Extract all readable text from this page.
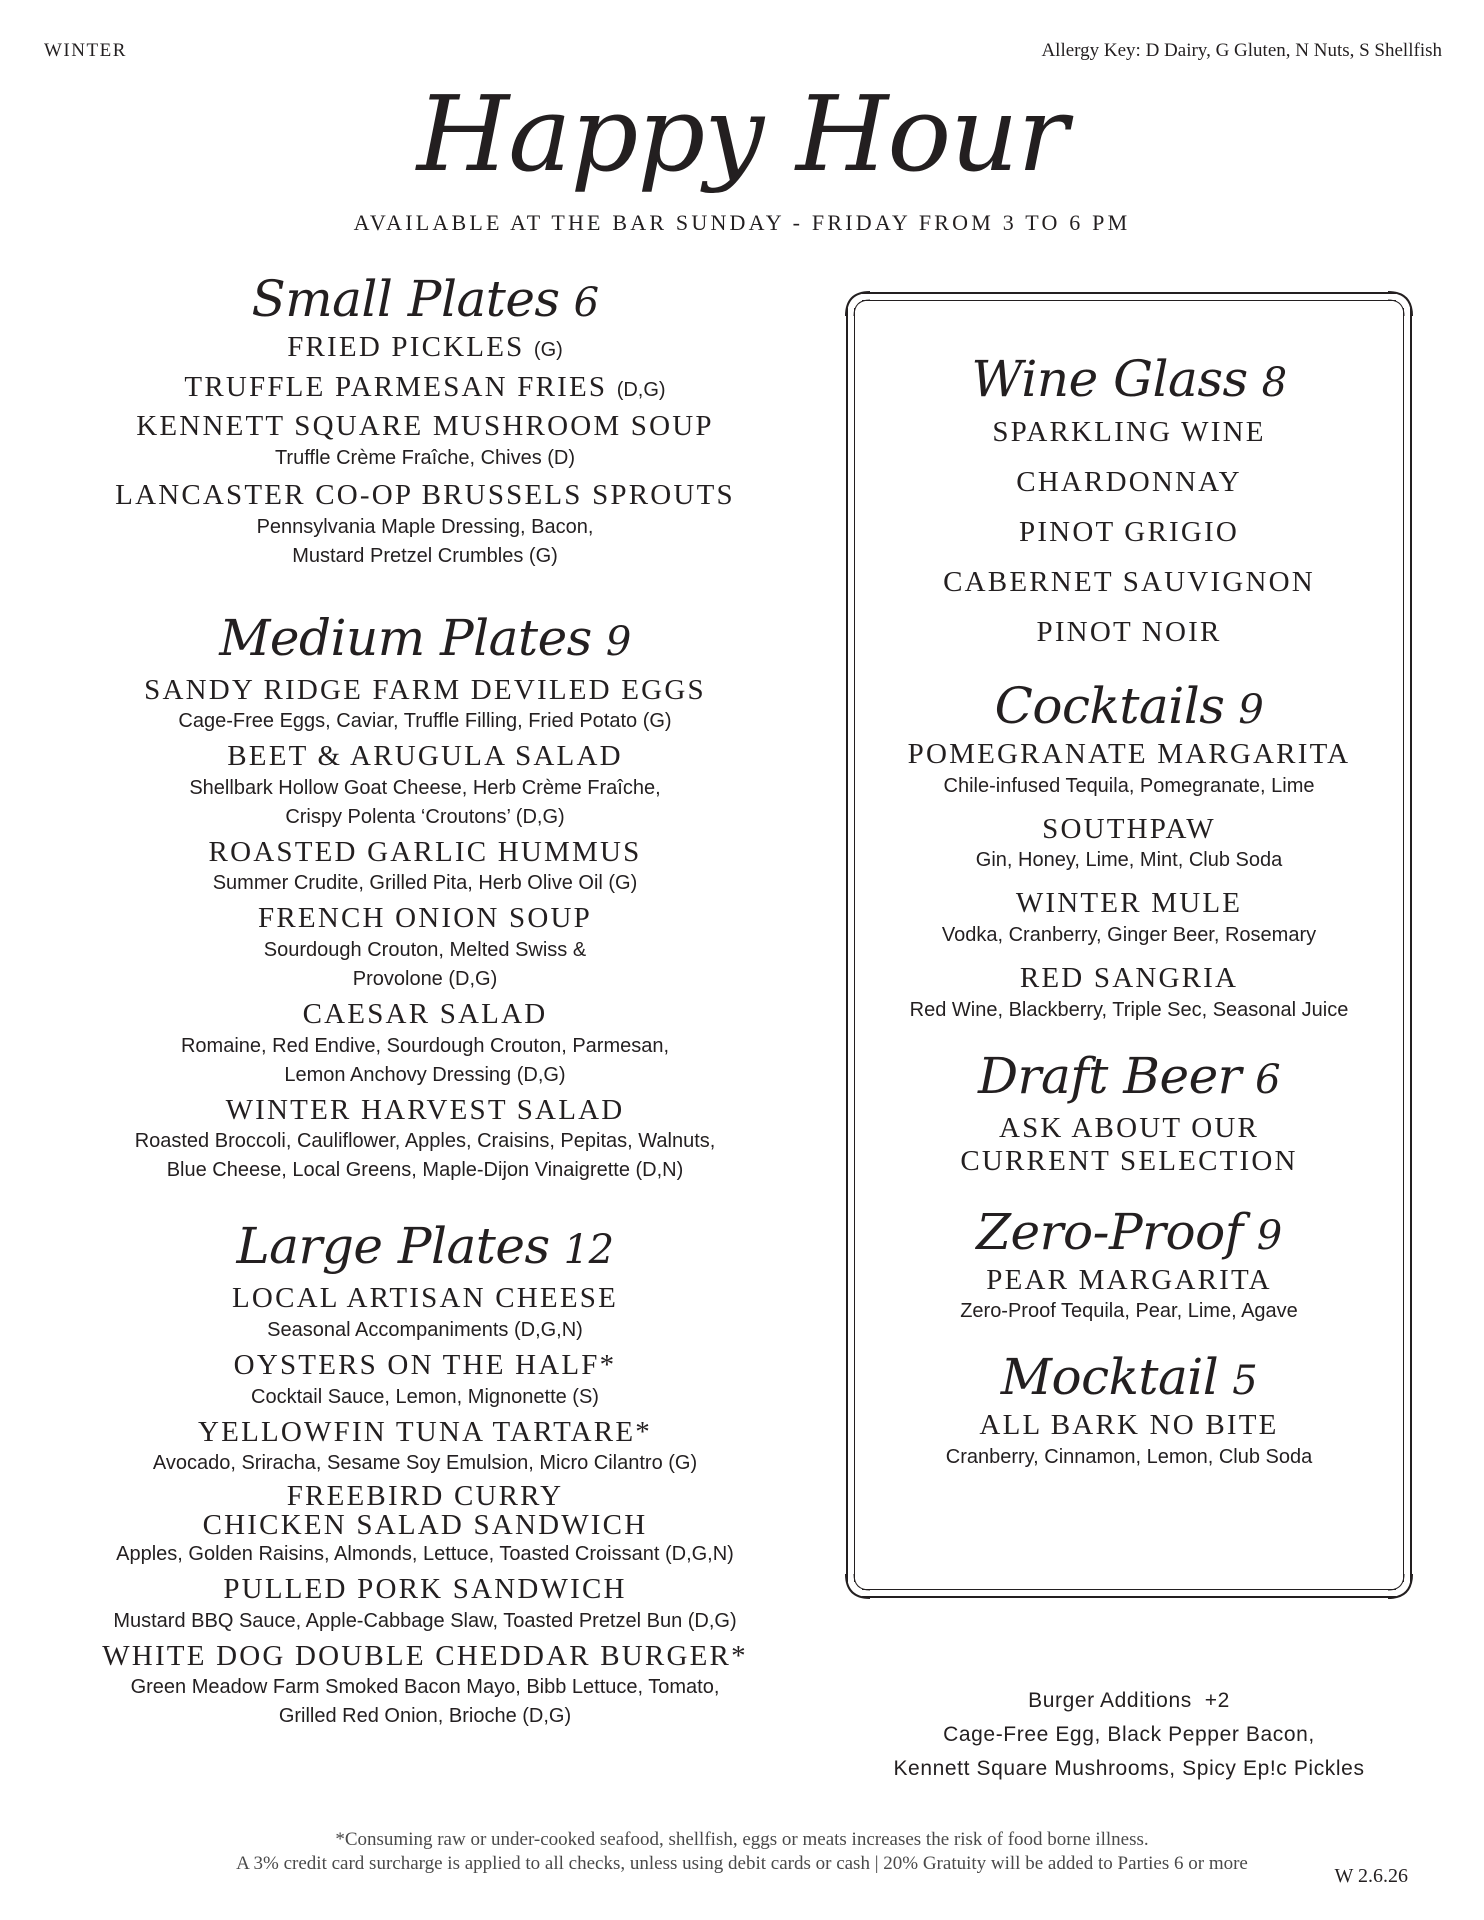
WINTER	Allergy Key: D Dairy, G Gluten, N Nuts, S Shellfish
Happy Hour
AVAILABLE AT THE BAR SUNDAY - FRIDAY FROM 3 TO 6 PM
Small Plates 6
FRIED PICKLES (G)
TRUFFLE PARMESAN FRIES (D,G)
KENNETT SQUARE MUSHROOM SOUP
Truffle Crème Fraîche, Chives (D)
LANCASTER CO-OP BRUSSELS SPROUTS
Pennsylvania Maple Dressing, Bacon,
Mustard Pretzel Crumbles (G)
Medium Plates 9
SANDY RIDGE FARM DEVILED EGGS
Cage-Free Eggs, Caviar, Truffle Filling, Fried Potato (G)
BEET & ARUGULA SALAD
Shellbark Hollow Goat Cheese, Herb Crème Fraîche,
Crispy Polenta ‘Croutons’ (D,G)
ROASTED GARLIC HUMMUS
Summer Crudite, Grilled Pita, Herb Olive Oil (G)
FRENCH ONION SOUP
Sourdough Crouton, Melted Swiss &
Provolone (D,G)
CAESAR SALAD
Romaine, Red Endive, Sourdough Crouton, Parmesan,
Lemon Anchovy Dressing (D,G)
WINTER HARVEST SALAD
Roasted Broccoli, Cauliflower, Apples, Craisins, Pepitas, Walnuts,
Blue Cheese, Local Greens, Maple-Dijon Vinaigrette (D,N)
Large Plates 12
LOCAL ARTISAN CHEESE
Seasonal Accompaniments (D,G,N)
OYSTERS ON THE HALF*
Cocktail Sauce, Lemon, Mignonette (S)
YELLOWFIN TUNA TARTARE*
Avocado, Sriracha, Sesame Soy Emulsion, Micro Cilantro (G)
FREEBIRD CURRY
CHICKEN SALAD SANDWICH
Apples, Golden Raisins, Almonds, Lettuce, Toasted Croissant (D,G,N)
PULLED PORK SANDWICH
Mustard BBQ Sauce, Apple-Cabbage Slaw, Toasted Pretzel Bun (D,G)
WHITE DOG DOUBLE CHEDDAR BURGER*
Green Meadow Farm Smoked Bacon Mayo, Bibb Lettuce, Tomato,
Grilled Red Onion, Brioche (D,G)
Wine Glass 8
SPARKLING WINE
CHARDONNAY
PINOT GRIGIO
CABERNET SAUVIGNON
PINOT NOIR
Cocktails 9
POMEGRANATE MARGARITA
Chile-infused Tequila, Pomegranate, Lime
SOUTHPAW
Gin, Honey, Lime, Mint, Club Soda
WINTER MULE
Vodka, Cranberry, Ginger Beer, Rosemary
RED SANGRIA
Red Wine, Blackberry, Triple Sec, Seasonal Juice
Draft Beer 6
ASK ABOUT OUR
CURRENT SELECTION
Zero-Proof 9
PEAR MARGARITA
Zero-Proof Tequila, Pear, Lime, Agave
Mocktail 5
ALL BARK NO BITE
Cranberry, Cinnamon, Lemon, Club Soda
Burger Additions  +2
Cage-Free Egg, Black Pepper Bacon,
Kennett Square Mushrooms, Spicy Ep!c Pickles
*Consuming raw or under-cooked seafood, shellfish, eggs or meats increases the risk of food borne illness.
A 3% credit card surcharge is applied to all checks, unless using debit cards or cash | 20% Gratuity will be added to Parties 6 or more
W 2.6.26
